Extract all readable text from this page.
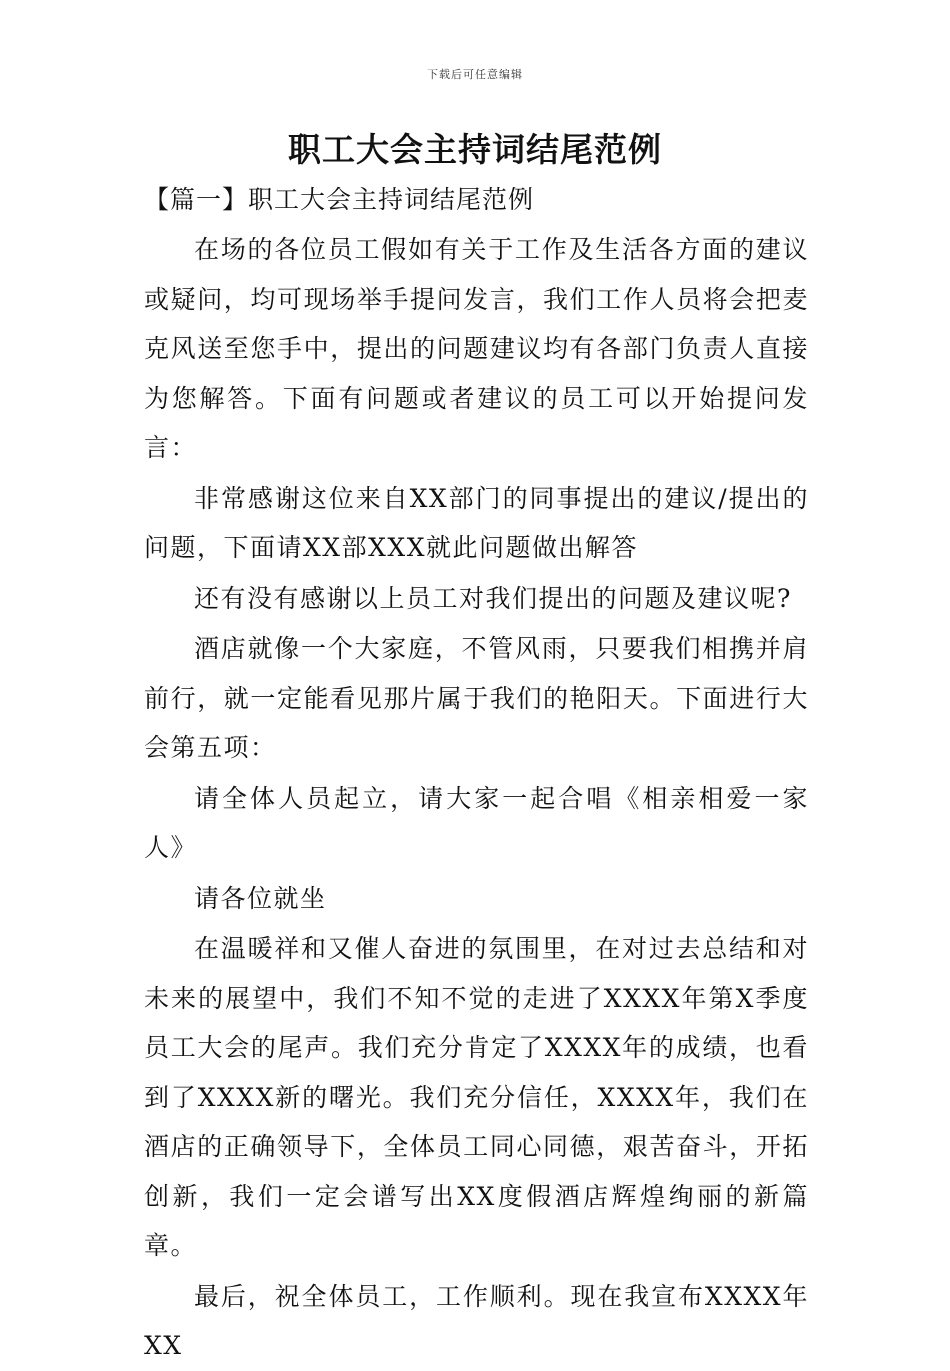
下载后可任意编辑
职工大会主持词结尾范例
【篇一】职工大会主持词结尾范例

在场的各位员工假如有关于工作及生活各方面的建议或疑问，均可现场举手提问发言，我们工作人员将会把麦克风送至您手中，提出的问题建议均有各部门负责人直接为您解答。下面有问题或者建议的员工可以开始提问发言：

非常感谢这位来自XX部门的同事提出的建议/提出的问题，下面请XX部XXX就此问题做出解答

还有没有感谢以上员工对我们提出的问题及建议呢?

酒店就像一个大家庭，不管风雨，只要我们相携并肩前行，就一定能看见那片属于我们的艳阳天。下面进行大会第五项：

请全体人员起立，请大家一起合唱《相亲相爱一家人》

请各位就坐

在温暖祥和又催人奋进的氛围里，在对过去总结和对未来的展望中，我们不知不觉的走进了XXXX年第X季度员工大会的尾声。我们充分肯定了XXXX年的成绩，也看到了XXXX新的曙光。我们充分信任，XXXX年，我们在酒店的正确领导下，全体员工同心同德，艰苦奋斗，开拓创新，我们一定会谱写出XX度假酒店辉煌绚丽的新篇章。

最后，祝全体员工，工作顺利。现在我宣布XXXX年XX
